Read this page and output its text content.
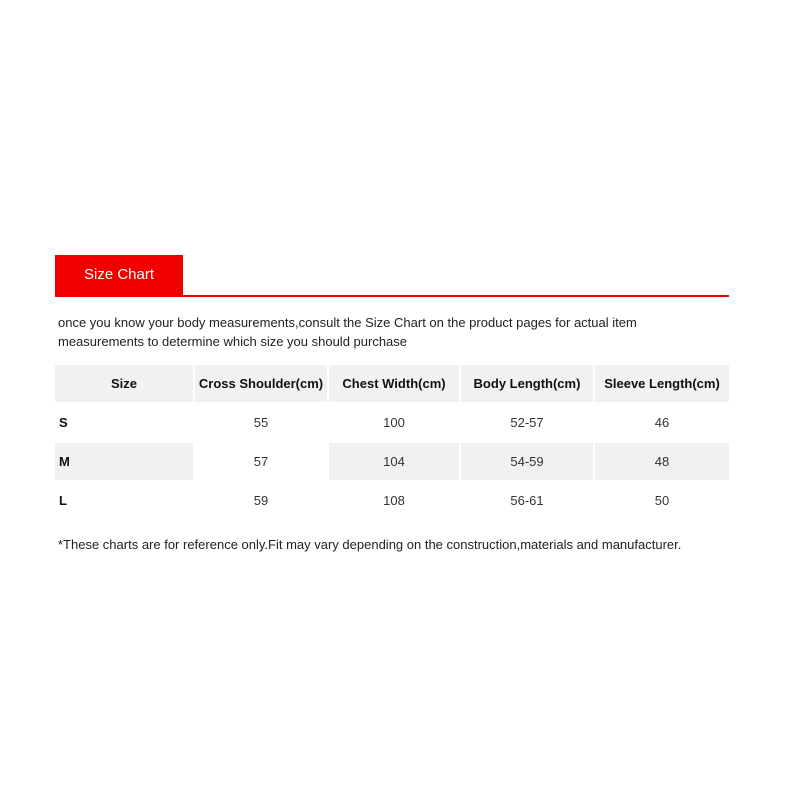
Size Chart
once you know your body measurements,consult the Size Chart on the product pages for actual item measurements to determine which size you should purchase
Size	Cross Shoulder(cm)	Chest Width(cm)	Body Length(cm)	Sleeve Length(cm)
S	55	100	52-57	46
M	57	104	54-59	48
L	59	108	56-61	50
*These charts are for reference only.Fit may vary depending on the construction,materials and manufacturer.
